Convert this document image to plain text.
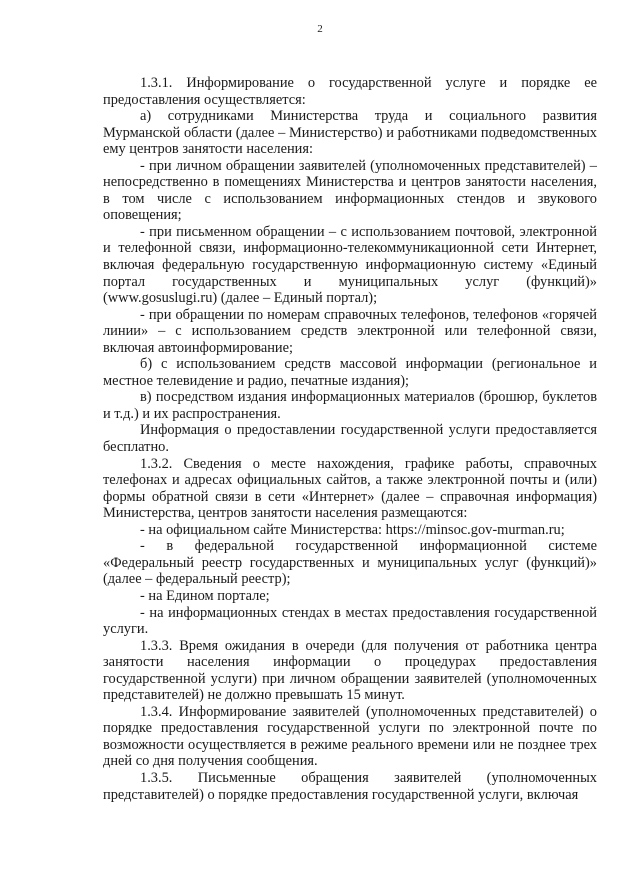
2

1.3.1. Информирование о государственной услуге и порядке ее предоставления осуществляется:

а) сотрудниками Министерства труда и социального развития Мурманской области (далее – Министерство) и работниками подведомственных ему центров занятости населения:

- при личном обращении заявителей (уполномоченных представителей) – непосредственно в помещениях Министерства и центров занятости населения, в том числе с использованием информационных стендов и звукового оповещения;

- при письменном обращении – с использованием почтовой, электронной и телефонной связи, информационно-телекоммуникационной сети Интернет, включая федеральную государственную информационную систему «Единый портал государственных и муниципальных услуг (функций)» (www.gosuslugi.ru) (далее – Единый портал);

- при обращении по номерам справочных телефонов, телефонов «горячей линии» – с использованием средств электронной или телефонной связи, включая автоинформирование;

б) с использованием средств массовой информации (региональное и местное телевидение и радио, печатные издания);

в) посредством издания информационных материалов (брошюр, буклетов и т.д.) и их распространения.

Информация о предоставлении государственной услуги предоставляется бесплатно.

1.3.2. Сведения о месте нахождения, графике работы, справочных телефонах и адресах официальных сайтов, а также электронной почты и (или) формы обратной связи в сети «Интернет» (далее – справочная информация) Министерства, центров занятости населения размещаются:

- на официальном сайте Министерства: https://minsoc.gov-murman.ru;

- в федеральной государственной информационной системе «Федеральный реестр государственных и муниципальных услуг (функций)» (далее – федеральный реестр);

- на Едином портале;

- на информационных стендах в местах предоставления государственной услуги.

1.3.3. Время ожидания в очереди (для получения от работника центра занятости населения информации о процедурах предоставления государственной услуги) при личном обращении заявителей (уполномоченных представителей) не должно превышать 15 минут.

1.3.4. Информирование заявителей (уполномоченных представителей) о порядке предоставления государственной услуги по электронной почте по возможности осуществляется в режиме реального времени или не позднее трех дней со дня получения сообщения.

1.3.5. Письменные обращения заявителей (уполномоченных представителей) о порядке предоставления государственной услуги, включая
